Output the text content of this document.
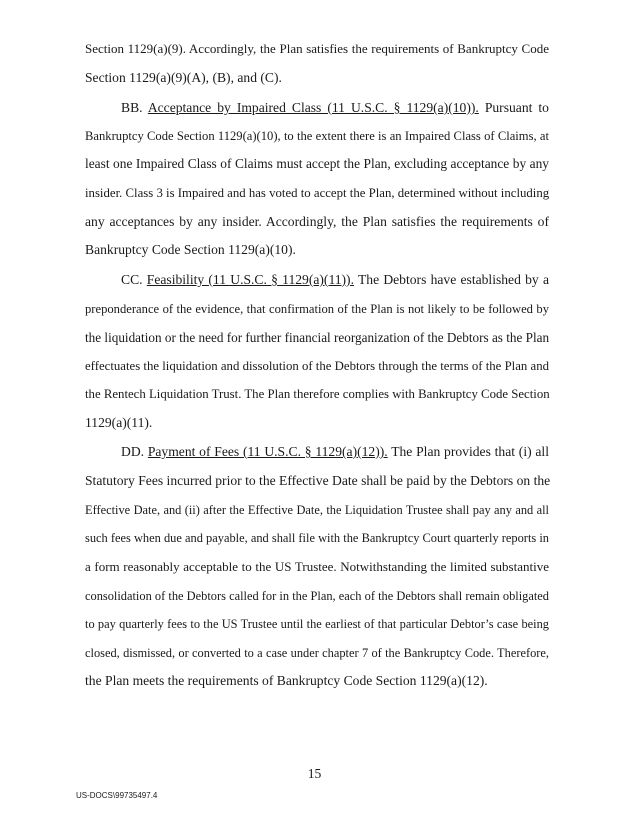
Section 1129(a)(9). Accordingly, the Plan satisfies the requirements of Bankruptcy Code
Section 1129(a)(9)(A), (B), and (C).
BB. Acceptance by Impaired Class (11 U.S.C. § 1129(a)(10)). Pursuant to
Bankruptcy Code Section 1129(a)(10), to the extent there is an Impaired Class of Claims, at
least one Impaired Class of Claims must accept the Plan, excluding acceptance by any
insider. Class 3 is Impaired and has voted to accept the Plan, determined without including
any acceptances by any insider. Accordingly, the Plan satisfies the requirements of
Bankruptcy Code Section 1129(a)(10).
CC. Feasibility (11 U.S.C. § 1129(a)(11)). The Debtors have established by a
preponderance of the evidence, that confirmation of the Plan is not likely to be followed by
the liquidation or the need for further financial reorganization of the Debtors as the Plan
effectuates the liquidation and dissolution of the Debtors through the terms of the Plan and
the Rentech Liquidation Trust. The Plan therefore complies with Bankruptcy Code Section
1129(a)(11).
DD. Payment of Fees (11 U.S.C. § 1129(a)(12)). The Plan provides that (i) all
Statutory Fees incurred prior to the Effective Date shall be paid by the Debtors on the
Effective Date, and (ii) after the Effective Date, the Liquidation Trustee shall pay any and all
such fees when due and payable, and shall file with the Bankruptcy Court quarterly reports in
a form reasonably acceptable to the US Trustee. Notwithstanding the limited substantive
consolidation of the Debtors called for in the Plan, each of the Debtors shall remain obligated
to pay quarterly fees to the US Trustee until the earliest of that particular Debtor’s case being
closed, dismissed, or converted to a case under chapter 7 of the Bankruptcy Code. Therefore,
the Plan meets the requirements of Bankruptcy Code Section 1129(a)(12).
15
US-DOCS\99735497.4
